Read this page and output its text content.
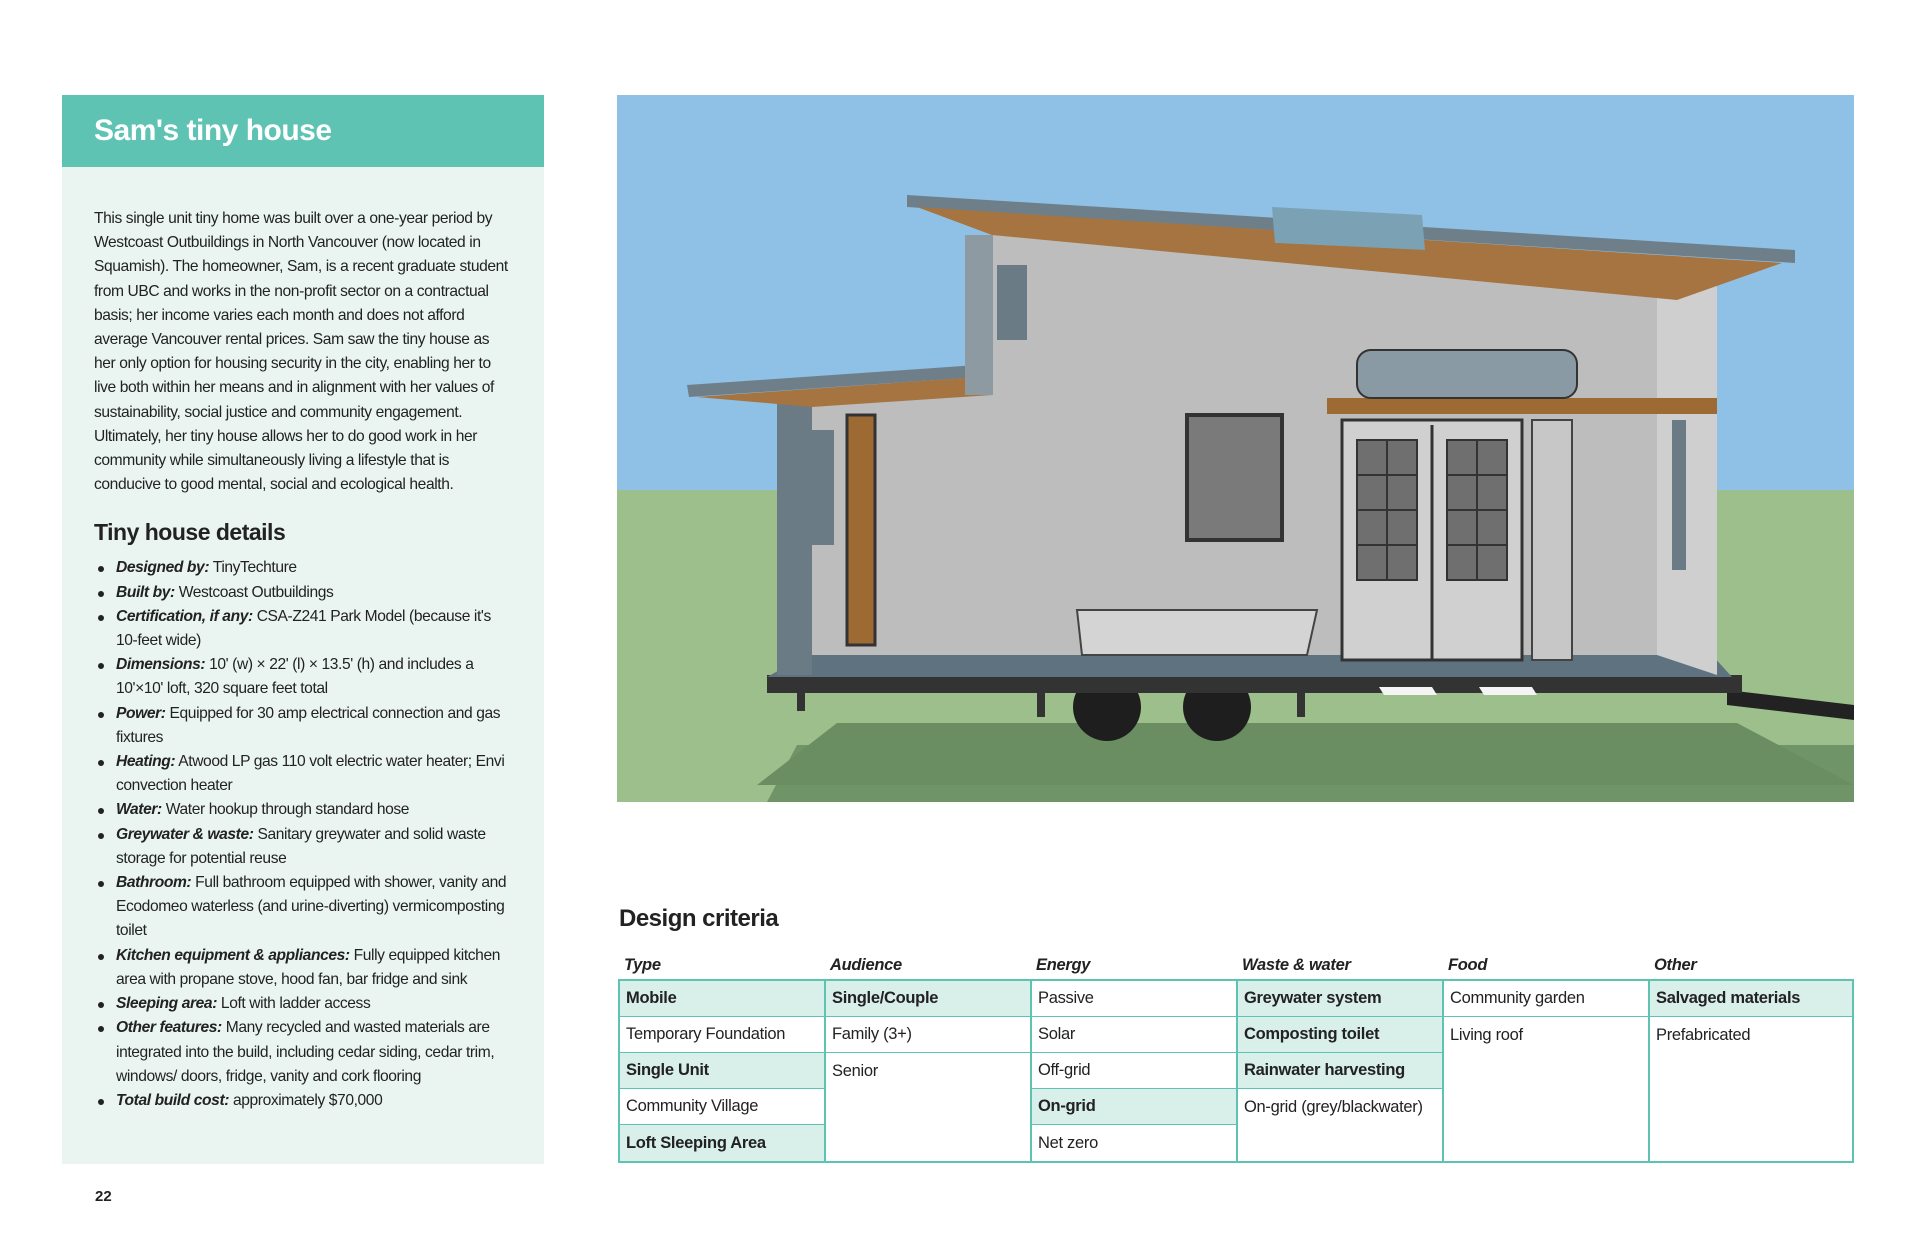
Sam's tiny house

This single unit tiny home was built over a one-year period by Westcoast Outbuildings in North Vancouver (now located in Squamish). The homeowner, Sam, is a recent graduate student from UBC and works in the non-profit sector on a contractual basis; her income varies each month and does not afford average Vancouver rental prices. Sam saw the tiny house as her only option for housing security in the city, enabling her to live both within her means and in alignment with her values of sustainability, social justice and community engagement. Ultimately, her tiny house allows her to do good work in her community while simultaneously living a lifestyle that is conducive to good mental, social and ecological health.

Tiny house details
Designed by: TinyTechture
Built by: Westcoast Outbuildings
Certification, if any: CSA-Z241 Park Model (because it's 10-feet wide)
Dimensions: 10' (w) × 22' (l) × 13.5' (h) and includes a 10'×10' loft, 320 square feet total
Power: Equipped for 30 amp electrical connection and gas fixtures
Heating: Atwood LP gas 110 volt electric water heater; Envi convection heater
Water: Water hookup through standard hose
Greywater & waste: Sanitary greywater and solid waste storage for potential reuse
Bathroom: Full bathroom equipped with shower, vanity and Ecodomeo waterless (and urine-diverting) vermicomposting toilet
Kitchen equipment & appliances: Fully equipped kitchen area with propane stove, hood fan, bar fridge and sink
Sleeping area: Loft with ladder access
Other features: Many recycled and wasted materials are integrated into the build, including cedar siding, cedar trim, windows/ doors, fridge, vanity and cork flooring
Total build cost: approximately $70,000
22
Design criteria
Type
Mobile
Temporary Foundation
Single Unit
Community Village
Loft Sleeping Area
Audience
Single/Couple
Family (3+)
Senior
Energy
Passive
Solar
Off-grid
On-grid
Net zero
Waste & water
Greywater system
Composting toilet
Rainwater harvesting
On-grid (grey/blackwater)
Food
Community garden
Living roof
Other
Salvaged materials
Prefabricated
